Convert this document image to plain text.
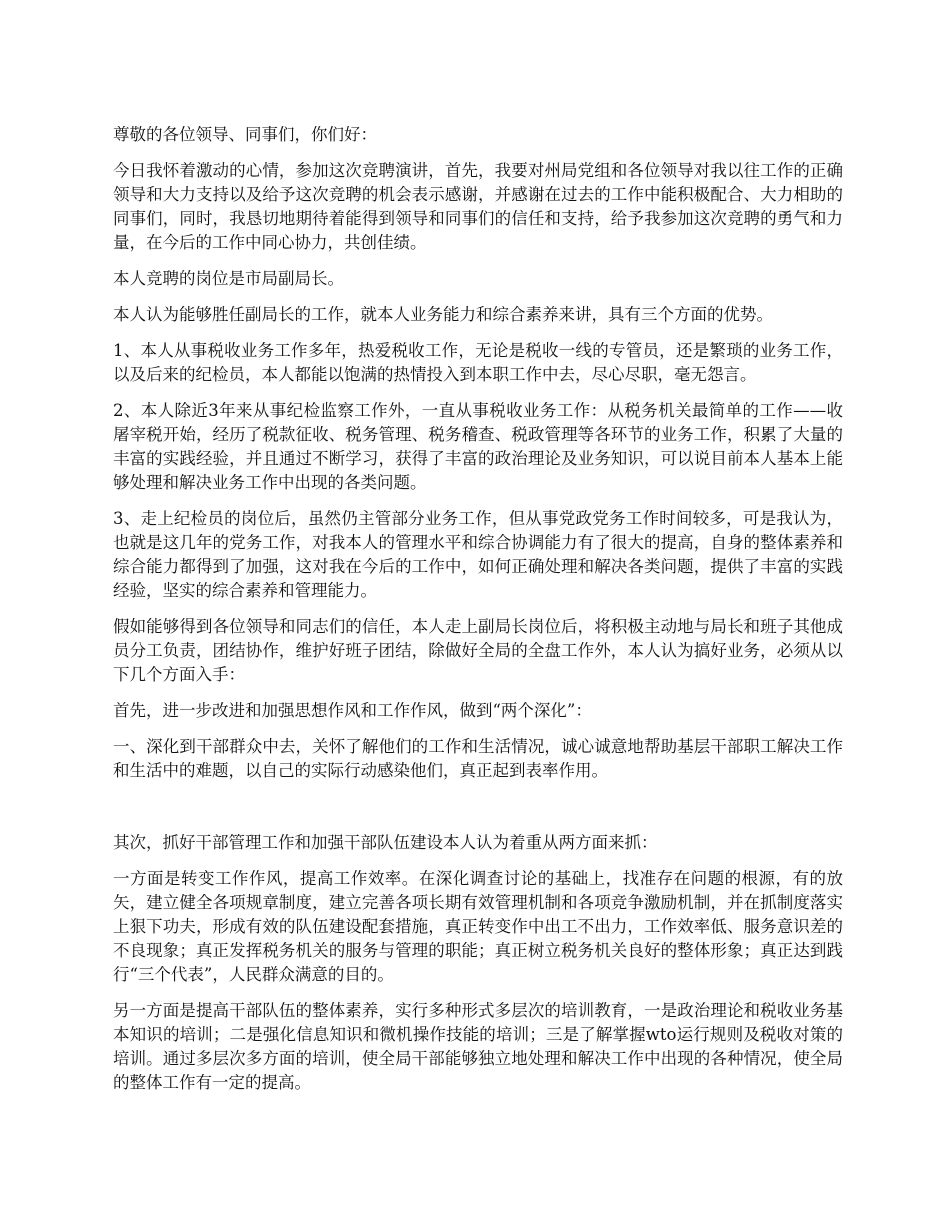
尊敬的各位领导、同事们，你们好：

今日我怀着激动的心情，参加这次竞聘演讲，首先，我要对州局党组和各位领导对我以往工作的正确领导和大力支持以及给予这次竞聘的机会表示感谢，并感谢在过去的工作中能积极配合、大力相助的同事们，同时，我恳切地期待着能得到领导和同事们的信任和支持，给予我参加这次竞聘的勇气和力量，在今后的工作中同心协力，共创佳绩。

本人竞聘的岗位是市局副局长。

本人认为能够胜任副局长的工作，就本人业务能力和综合素养来讲，具有三个方面的优势。

1、本人从事税收业务工作多年，热爱税收工作，无论是税收一线的专管员，还是繁琐的业务工作，以及后来的纪检员，本人都能以饱满的热情投入到本职工作中去，尽心尽职，毫无怨言。

2、本人除近3年来从事纪检监察工作外，一直从事税收业务工作：从税务机关最简单的工作——收屠宰税开始，经历了税款征收、税务管理、税务稽查、税政管理等各环节的业务工作，积累了大量的丰富的实践经验，并且通过不断学习，获得了丰富的政治理论及业务知识，可以说目前本人基本上能够处理和解决业务工作中出现的各类问题。

3、走上纪检员的岗位后，虽然仍主管部分业务工作，但从事党政党务工作时间较多，可是我认为，也就是这几年的党务工作，对我本人的管理水平和综合协调能力有了很大的提高，自身的整体素养和综合能力都得到了加强，这对我在今后的工作中，如何正确处理和解决各类问题，提供了丰富的实践经验，坚实的综合素养和管理能力。

假如能够得到各位领导和同志们的信任，本人走上副局长岗位后，将积极主动地与局长和班子其他成员分工负责，团结协作，维护好班子团结，除做好全局的全盘工作外，本人认为搞好业务，必须从以下几个方面入手：

首先，进一步改进和加强思想作风和工作作风，做到“两个深化”：

一、深化到干部群众中去，关怀了解他们的工作和生活情况，诚心诚意地帮助基层干部职工解决工作和生活中的难题，以自己的实际行动感染他们，真正起到表率作用。

其次，抓好干部管理工作和加强干部队伍建设本人认为着重从两方面来抓：

一方面是转变工作作风，提高工作效率。在深化调查讨论的基础上，找准存在问题的根源，有的放矢，建立健全各项规章制度，建立完善各项长期有效管理机制和各项竞争激励机制，并在抓制度落实上狠下功夫，形成有效的队伍建设配套措施，真正转变作中出工不出力，工作效率低、服务意识差的不良现象；真正发挥税务机关的服务与管理的职能；真正树立税务机关良好的整体形象；真正达到践行“三个代表”，人民群众满意的目的。

另一方面是提高干部队伍的整体素养，实行多种形式多层次的培训教育，一是政治理论和税收业务基本知识的培训；二是强化信息知识和微机操作技能的培训；三是了解掌握wto运行规则及税收对策的培训。通过多层次多方面的培训，使全局干部能够独立地处理和解决工作中出现的各种情况，使全局的整体工作有一定的提高。
